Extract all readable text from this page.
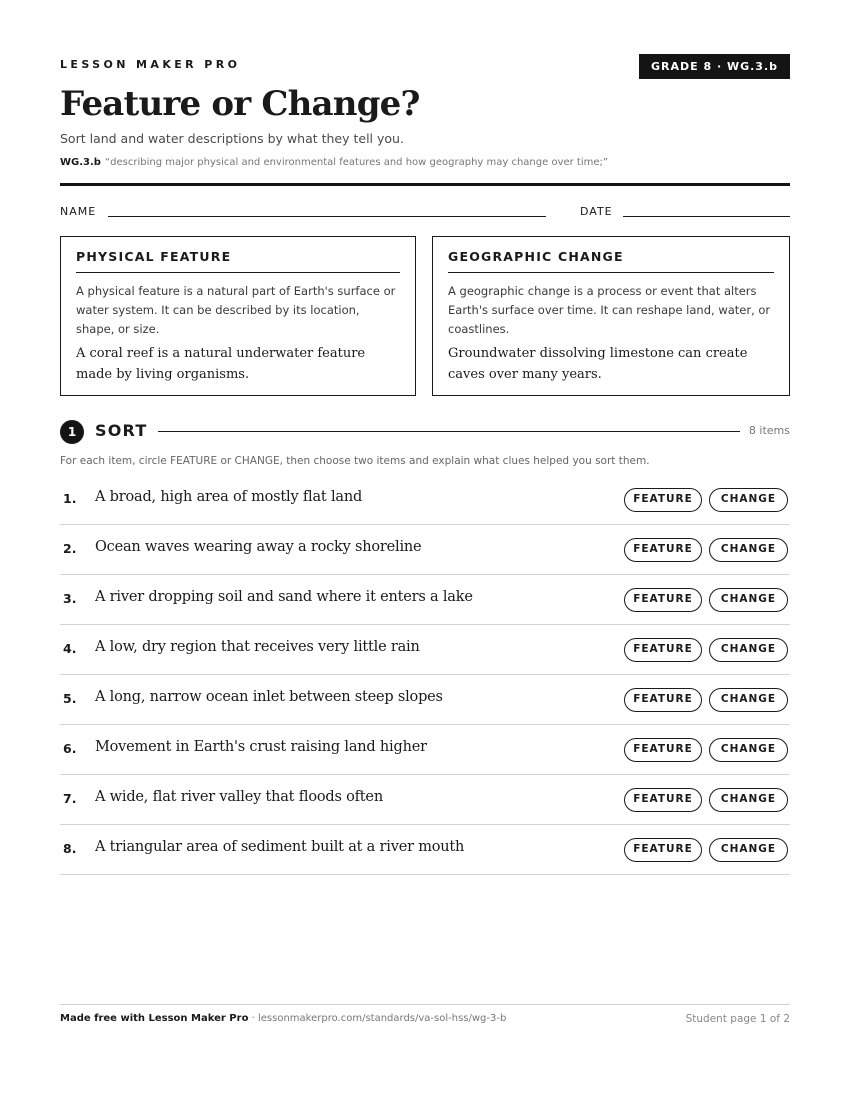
LESSON MAKER PRO	GRADE 8 · WG.3.b
Feature or Change?
Sort land and water descriptions by what they tell you.
WG.3.b “describing major physical and environmental features and how geography may change over time;”
NAME	DATE
PHYSICAL FEATURE
A physical feature is a natural part of Earth's surface or water system. It can be described by its location, shape, or size.
A coral reef is a natural underwater feature made by living organisms.
GEOGRAPHIC CHANGE
A geographic change is a process or event that alters Earth's surface over time. It can reshape land, water, or coastlines.
Groundwater dissolving limestone can create caves over many years.
1	SORT	8 items
For each item, circle FEATURE or CHANGE, then choose two items and explain what clues helped you sort them.
1. A broad, high area of mostly flat land	FEATURE	CHANGE
2. Ocean waves wearing away a rocky shoreline	FEATURE	CHANGE
3. A river dropping soil and sand where it enters a lake	FEATURE	CHANGE
4. A low, dry region that receives very little rain	FEATURE	CHANGE
5. A long, narrow ocean inlet between steep slopes	FEATURE	CHANGE
6. Movement in Earth's crust raising land higher	FEATURE	CHANGE
7. A wide, flat river valley that floods often	FEATURE	CHANGE
8. A triangular area of sediment built at a river mouth	FEATURE	CHANGE
Made free with Lesson Maker Pro · lessonmakerpro.com/standards/va-sol-hss/wg-3-b	Student page 1 of 2
